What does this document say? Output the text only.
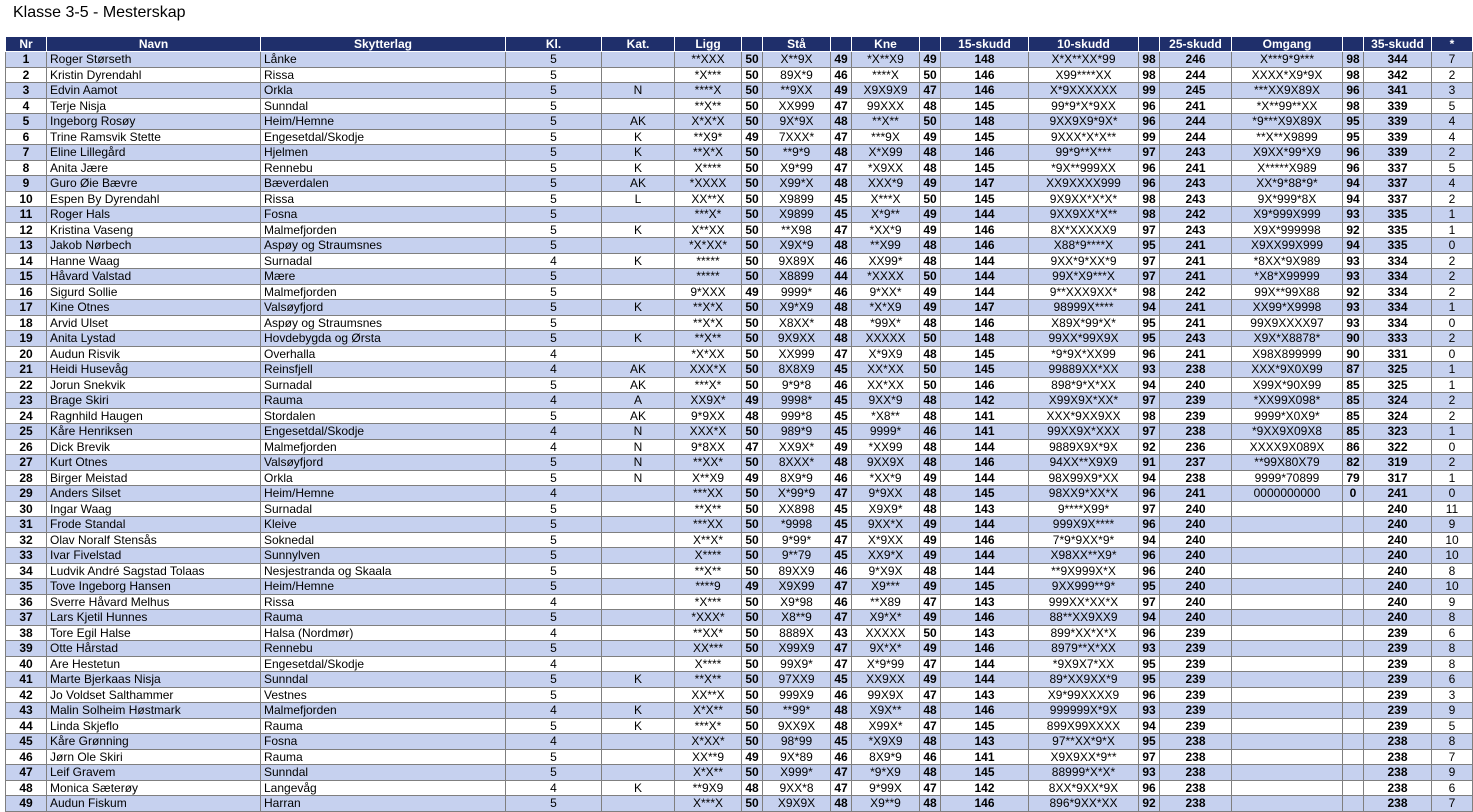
Klasse 3-5 - Mesterskap
Nr	Navn	Skytterlag	Kl.	Kat.	Ligg		Stå		Kne		15-skudd	10-skudd		25-skudd	Omgang		35-skudd	*
1	Roger Størseth	Lånke	5		**XXX	50	X**9X	49	*X**X9	49	148	X*X**XX*99	98	246	X***9*9***	98	344	7
2	Kristin Dyrendahl	Rissa	5		*X***	50	89X*9	46	****X	50	146	X99****XX	98	244	XXXX*X9*9X	98	342	2
3	Edvin Aamot	Orkla	5	N	****X	50	**9XX	49	X9X9X9	47	146	X*9XXXXXX	99	245	***XX9X89X	96	341	3
4	Terje Nisja	Sunndal	5		**X**	50	XX999	47	99XXX	48	145	99*9*X*9XX	96	241	*X**99**XX	98	339	5
5	Ingeborg Rosøy	Heim/Hemne	5	AK	X*X*X	50	9X*9X	48	**X**	50	148	9XX9X9*9X*	96	244	*9***X9X89X	95	339	4
6	Trine Ramsvik Stette	Engesetdal/Skodje	5	K	**X9*	49	7XXX*	47	***9X	49	145	9XXX*X*X**	99	244	**X**X9899	95	339	4
7	Eline Lillegård	Hjelmen	5	K	**X*X	50	**9*9	48	X*X99	48	146	99*9**X***	97	243	X9XX*99*X9	96	339	2
8	Anita Jære	Rennebu	5	K	X****	50	X9*99	47	*X9XX	48	145	*9X**999XX	96	241	X*****X989	96	337	5
9	Guro Øie Bævre	Bæverdalen	5	AK	*XXXX	50	X99*X	48	XXX*9	49	147	XX9XXXX999	96	243	XX*9*88*9*	94	337	4
10	Espen By Dyrendahl	Rissa	5	L	XX**X	50	X9899	45	X***X	50	145	9X9XX*X*X*	98	243	9X*999*8X	94	337	2
11	Roger Hals	Fosna	5		***X*	50	X9899	45	X*9**	49	144	9XX9XX*X**	98	242	X9*999X999	93	335	1
12	Kristina Vaseng	Malmefjorden	5	K	X**XX	50	**X98	47	*XX*9	49	146	8X*XXXXX9	97	243	X9X*999998	92	335	1
13	Jakob Nørbech	Aspøy og Straumsnes	5		*X*XX*	50	X9X*9	48	**X99	48	146	X88*9****X	95	241	X9XX99X999	94	335	0
14	Hanne Waag	Surnadal	4	K	*****	50	9X89X	46	XX99*	48	144	9XX*9*XX*9	97	241	*8XX*9X989	93	334	2
15	Håvard Valstad	Mære	5		*****	50	X8899	44	*XXXX	50	144	99X*X9***X	97	241	*X8*X99999	93	334	2
16	Sigurd Sollie	Malmefjorden	5		9*XXX	49	9999*	46	9*XX*	49	144	9**XXX9XX*	98	242	99X**99X88	92	334	2
17	Kine Otnes	Valsøyfjord	5	K	**X*X	50	X9*X9	48	*X*X9	49	147	98999X****	94	241	XX99*X9998	93	334	1
18	Arvid Ulset	Aspøy og Straumsnes	5		**X*X	50	X8XX*	48	*99X*	48	146	X89X*99*X*	95	241	99X9XXXX97	93	334	0
19	Anita Lystad	Hovdebygda og Ørsta	5	K	**X**	50	9X9XX	48	XXXXX	50	148	99XX*99X9X	95	243	X9X*X8878*	90	333	2
20	Audun Risvik	Overhalla	4		*X*XX	50	XX999	47	X*9X9	48	145	*9*9X*XX99	96	241	X98X899999	90	331	0
21	Heidi Husevåg	Reinsfjell	4	AK	XXX*X	50	8X8X9	45	XX*XX	50	145	99889XX*XX	93	238	XXX*9X0X99	87	325	1
22	Jorun Snekvik	Surnadal	5	AK	***X*	50	9*9*8	46	XX*XX	50	146	898*9*X*XX	94	240	X99X*90X99	85	325	1
23	Brage Skiri	Rauma	4	A	XX9X*	49	9998*	45	9XX*9	48	142	X99X9X*XX*	97	239	*XX99X098*	85	324	2
24	Ragnhild Haugen	Stordalen	5	AK	9*9XX	48	999*8	45	*X8**	48	141	XXX*9XX9XX	98	239	9999*X0X9*	85	324	2
25	Kåre Henriksen	Engesetdal/Skodje	4	N	XXX*X	50	989*9	45	9999*	46	141	99XX9X*XXX	97	238	*9XX9X09X8	85	323	1
26	Dick Brevik	Malmefjorden	4	N	9*8XX	47	XX9X*	49	*XX99	48	144	9889X9X*9X	92	236	XXXX9X089X	86	322	0
27	Kurt Otnes	Valsøyfjord	5	N	**XX*	50	8XXX*	48	9XX9X	48	146	94XX**X9X9	91	237	**99X80X79	82	319	2
28	Birger Meistad	Orkla	5	N	X**X9	49	8X9*9	46	*XX*9	49	144	98X99X9*XX	94	238	9999*70899	79	317	1
29	Anders Silset	Heim/Hemne	4		***XX	50	X*99*9	47	9*9XX	48	145	98XX9*XX*X	96	241	0000000000	0	241	0
30	Ingar Waag	Surnadal	5		**X**	50	XX898	45	X9X9*	48	143	9****X99*	97	240			240	11
31	Frode Standal	Kleive	5		***XX	50	*9998	45	9XX*X	49	144	999X9X****	96	240			240	9
32	Olav Noralf Stensås	Soknedal	5		X**X*	50	9*99*	47	X*9XX	49	146	7*9*9XX*9*	94	240			240	10
33	Ivar Fivelstad	Sunnylven	5		X****	50	9**79	45	XX9*X	49	144	X98XX**X9*	96	240			240	10
34	Ludvik André Sagstad Tolaas	Nesjestranda og Skaala	5		**X**	50	89XX9	46	9*X9X	48	144	**9X999X*X	96	240			240	8
35	Tove Ingeborg Hansen	Heim/Hemne	5		****9	49	X9X99	47	X9***	49	145	9XX999**9*	95	240			240	10
36	Sverre Håvard Melhus	Rissa	4		*X***	50	X9*98	46	**X89	47	143	999XX*XX*X	97	240			240	9
37	Lars Kjetil Hunnes	Rauma	5		*XXX*	50	X8**9	47	X9*X*	49	146	88**XX9XX9	94	240			240	8
38	Tore Egil Halse	Halsa (Nordmør)	4		**XX*	50	8889X	43	XXXXX	50	143	899*XX*X*X	96	239			239	6
39	Otte Hårstad	Rennebu	5		XX***	50	X99X9	47	9X*X*	49	146	8979**X*XX	93	239			239	8
40	Are Hestetun	Engesetdal/Skodje	4		X****	50	99X9*	47	X*9*99	47	144	*9X9X7*XX	95	239			239	8
41	Marte Bjerkaas Nisja	Sunndal	5	K	**X**	50	97XX9	45	XX9XX	49	144	89*XX9XX*9	95	239			239	6
42	Jo Voldset Salthammer	Vestnes	5		XX**X	50	999X9	46	99X9X	47	143	X9*99XXXX9	96	239			239	3
43	Malin Solheim Høstmark	Malmefjorden	4	K	X*X**	50	**99*	48	X9X**	48	146	999999X*9X	93	239			239	9
44	Linda Skjeflo	Rauma	5	K	***X*	50	9XX9X	48	X99X*	47	145	899X99XXXX	94	239			239	5
45	Kåre Grønning	Fosna	4		X*XX*	50	98*99	45	*X9X9	48	143	97**XX*9*X	95	238			238	8
46	Jørn Ole Skiri	Rauma	5		XX**9	49	9X*89	46	8X9*9	46	141	X9X9XX*9**	97	238			238	7
47	Leif Gravem	Sunndal	5		X*X**	50	X999*	47	*9*X9	48	145	88999*X*X*	93	238			238	9
48	Monica Sæterøy	Langevåg	4	K	**9X9	48	9XX*8	47	9*99X	47	142	8XX*9XX*9X	96	238			238	6
49	Audun Fiskum	Harran	5		X***X	50	X9X9X	48	X9**9	48	146	896*9XX*XX	92	238			238	7
